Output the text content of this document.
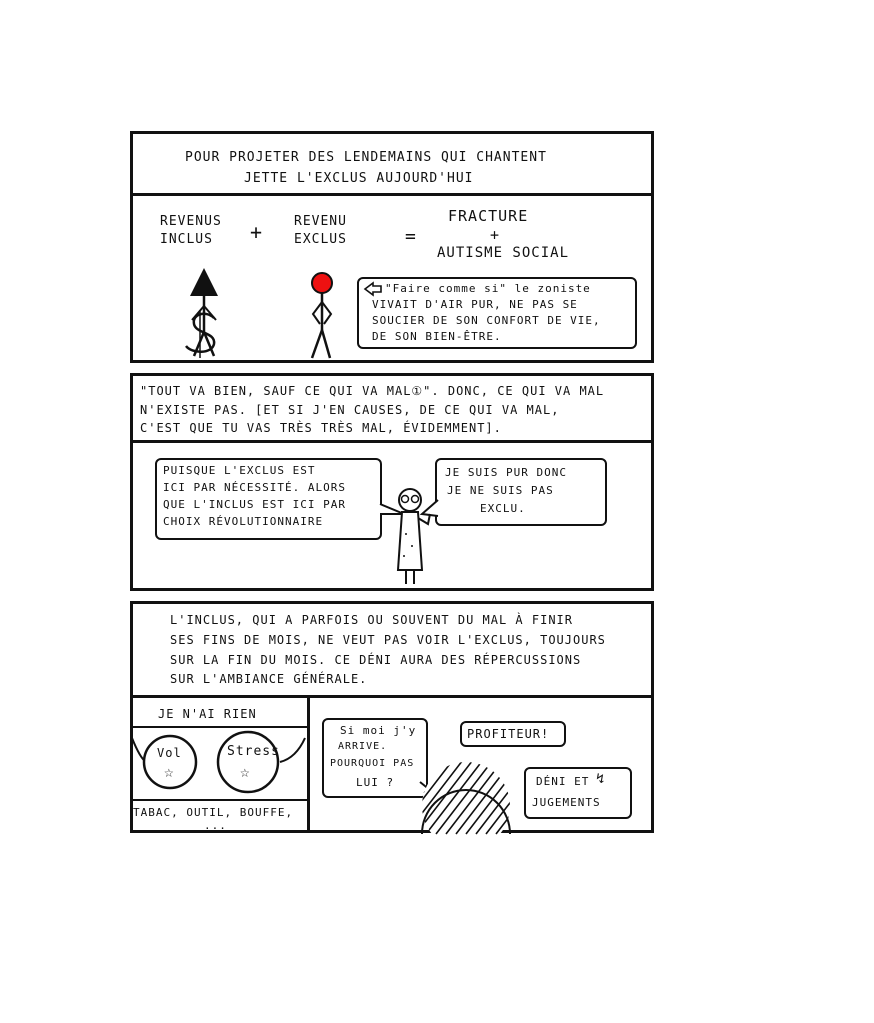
POUR PROJETER DES LENDEMAINS QUI CHANTENT
JETTE L'EXCLUS AUJOURD'HUI
REVENUS
INCLUS + REVENU
EXCLUS	=
FRACTURE
+
AUTISME SOCIAL
"Faire comme si" le zoniste
VIVAIT D'AIR PUR, NE PAS SE
SOUCIER DE SON CONFORT DE VIE,
DE SON BIEN-ÊTRE.
"TOUT VA BIEN, SAUF CE QUI VA MAL①". DONC, CE QUI VA MAL
N'EXISTE PAS. [ET SI J'EN CAUSES, DE CE QUI VA MAL,
C'EST QUE TU VAS TRÈS TRÈS MAL, ÉVIDEMMENT].
PUISQUE L'EXCLUS EST
ICI PAR NÉCESSITÉ. ALORS
QUE L'INCLUS EST ICI PAR
CHOIX RÉVOLUTIONNAIRE
JE SUIS PUR DONC
JE NE SUIS PAS
EXCLU.
L'INCLUS, QUI A PARFOIS OU SOUVENT DU MAL À FINIR
SES FINS DE MOIS, NE VEUT PAS VOIR L'EXCLUS, TOUJOURS
SUR LA FIN DU MOIS. CE DÉNI AURA DES RÉPERCUSSIONS
SUR L'AMBIANCE GÉNÉRALE.
JE N'AI RIEN
Vol
☆
Stress
☆
TABAC, OUTIL, BOUFFE,
...
Si moi j'y
ARRIVE.
POURQUOI PAS
LUI ?
PROFITEUR!
DÉNI ET ↯
JUGEMENTS
